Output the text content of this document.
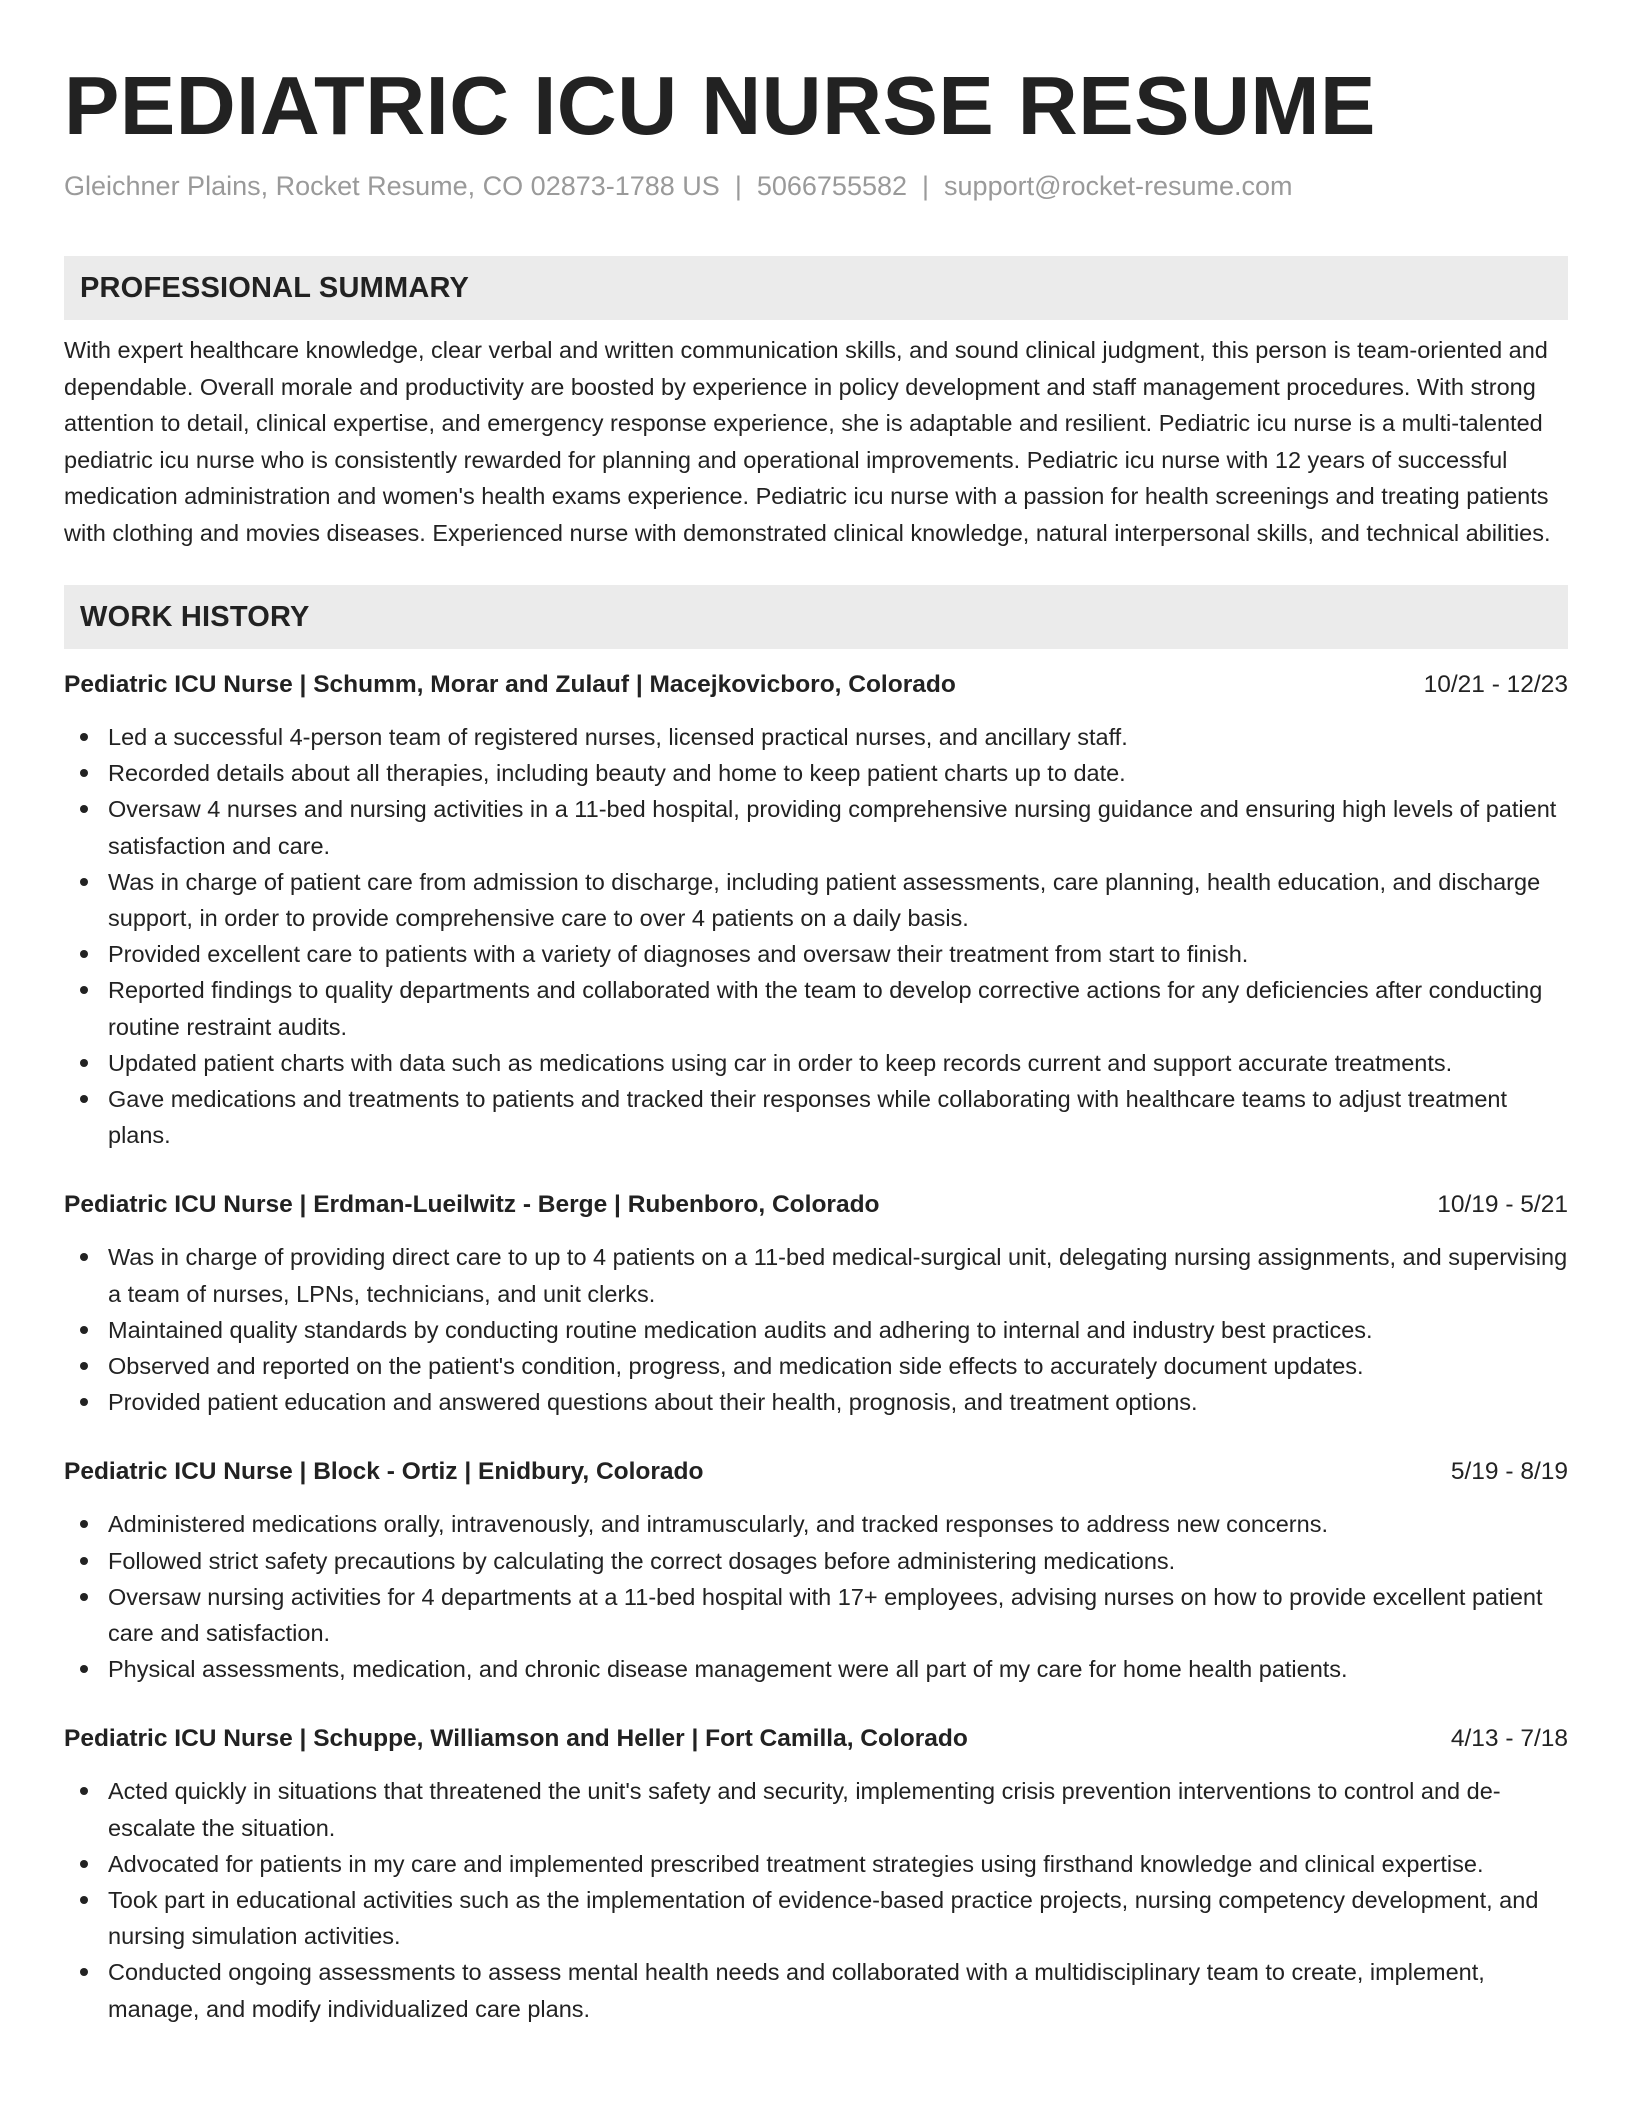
PEDIATRIC ICU NURSE RESUME
Gleichner Plains, Rocket Resume, CO 02873-1788 US | 5066755582 | support@rocket-resume.com
PROFESSIONAL SUMMARY
With expert healthcare knowledge, clear verbal and written communication skills, and sound clinical judgment, this person is team-oriented and dependable. Overall morale and productivity are boosted by experience in policy development and staff management procedures. With strong attention to detail, clinical expertise, and emergency response experience, she is adaptable and resilient. Pediatric icu nurse is a multi-talented pediatric icu nurse who is consistently rewarded for planning and operational improvements. Pediatric icu nurse with 12 years of successful medication administration and women's health exams experience. Pediatric icu nurse with a passion for health screenings and treating patients with clothing and movies diseases. Experienced nurse with demonstrated clinical knowledge, natural interpersonal skills, and technical abilities.
WORK HISTORY
Pediatric ICU Nurse | Schumm, Morar and Zulauf | Macejkovicboro, Colorado	10/21 - 12/23
Led a successful 4-person team of registered nurses, licensed practical nurses, and ancillary staff.
Recorded details about all therapies, including beauty and home to keep patient charts up to date.
Oversaw 4 nurses and nursing activities in a 11-bed hospital, providing comprehensive nursing guidance and ensuring high levels of patient satisfaction and care.
Was in charge of patient care from admission to discharge, including patient assessments, care planning, health education, and discharge support, in order to provide comprehensive care to over 4 patients on a daily basis.
Provided excellent care to patients with a variety of diagnoses and oversaw their treatment from start to finish.
Reported findings to quality departments and collaborated with the team to develop corrective actions for any deficiencies after conducting routine restraint audits.
Updated patient charts with data such as medications using car in order to keep records current and support accurate treatments.
Gave medications and treatments to patients and tracked their responses while collaborating with healthcare teams to adjust treatment plans.
Pediatric ICU Nurse | Erdman-Lueilwitz - Berge | Rubenboro, Colorado	10/19 - 5/21
Was in charge of providing direct care to up to 4 patients on a 11-bed medical-surgical unit, delegating nursing assignments, and supervising a team of nurses, LPNs, technicians, and unit clerks.
Maintained quality standards by conducting routine medication audits and adhering to internal and industry best practices.
Observed and reported on the patient's condition, progress, and medication side effects to accurately document updates.
Provided patient education and answered questions about their health, prognosis, and treatment options.
Pediatric ICU Nurse | Block - Ortiz | Enidbury, Colorado	5/19 - 8/19
Administered medications orally, intravenously, and intramuscularly, and tracked responses to address new concerns.
Followed strict safety precautions by calculating the correct dosages before administering medications.
Oversaw nursing activities for 4 departments at a 11-bed hospital with 17+ employees, advising nurses on how to provide excellent patient care and satisfaction.
Physical assessments, medication, and chronic disease management were all part of my care for home health patients.
Pediatric ICU Nurse | Schuppe, Williamson and Heller | Fort Camilla, Colorado	4/13 - 7/18
Acted quickly in situations that threatened the unit's safety and security, implementing crisis prevention interventions to control and de-escalate the situation.
Advocated for patients in my care and implemented prescribed treatment strategies using firsthand knowledge and clinical expertise.
Took part in educational activities such as the implementation of evidence-based practice projects, nursing competency development, and nursing simulation activities.
Conducted ongoing assessments to assess mental health needs and collaborated with a multidisciplinary team to create, implement, manage, and modify individualized care plans.
